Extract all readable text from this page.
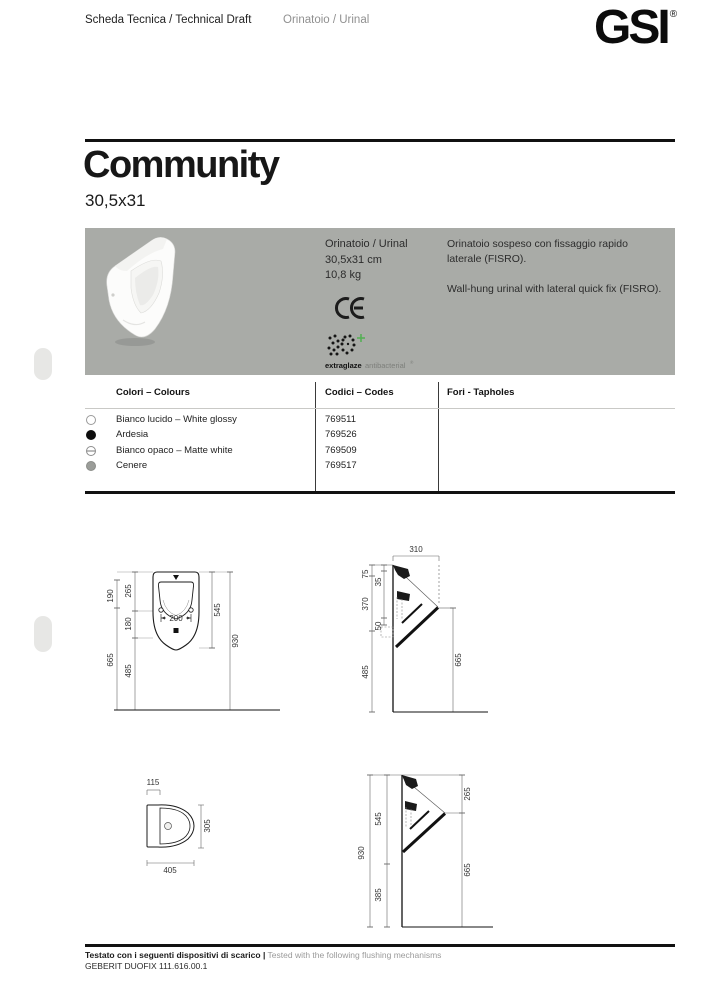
Scheda Tecnica / Technical Draft	Orinatoio / Urinal	GSI ®
Community
30,5x31
Orinatoio / Urinal
30,5x31 cm
10,8 kg
extraglaze antibacterial ®
Orinatoio sospeso con fissaggio rapido laterale (FISRO).
Wall-hung urinal with lateral quick fix (FISRO).
Colori – Colours	Codici – Codes	Fori - Tapholes
Bianco lucido – White glossy	769511
Ardesia	769526
Bianco opaco – Matte white	769509
Cenere	769517
200
190 265
180
665
485
545
930
310
75
370
485
35
50
665
115
305
405
930
545
385
265
665
Testato con i seguenti dispositivi di scarico | Tested with the following flushing mechanisms
GEBERIT DUOFIX 111.616.00.1
